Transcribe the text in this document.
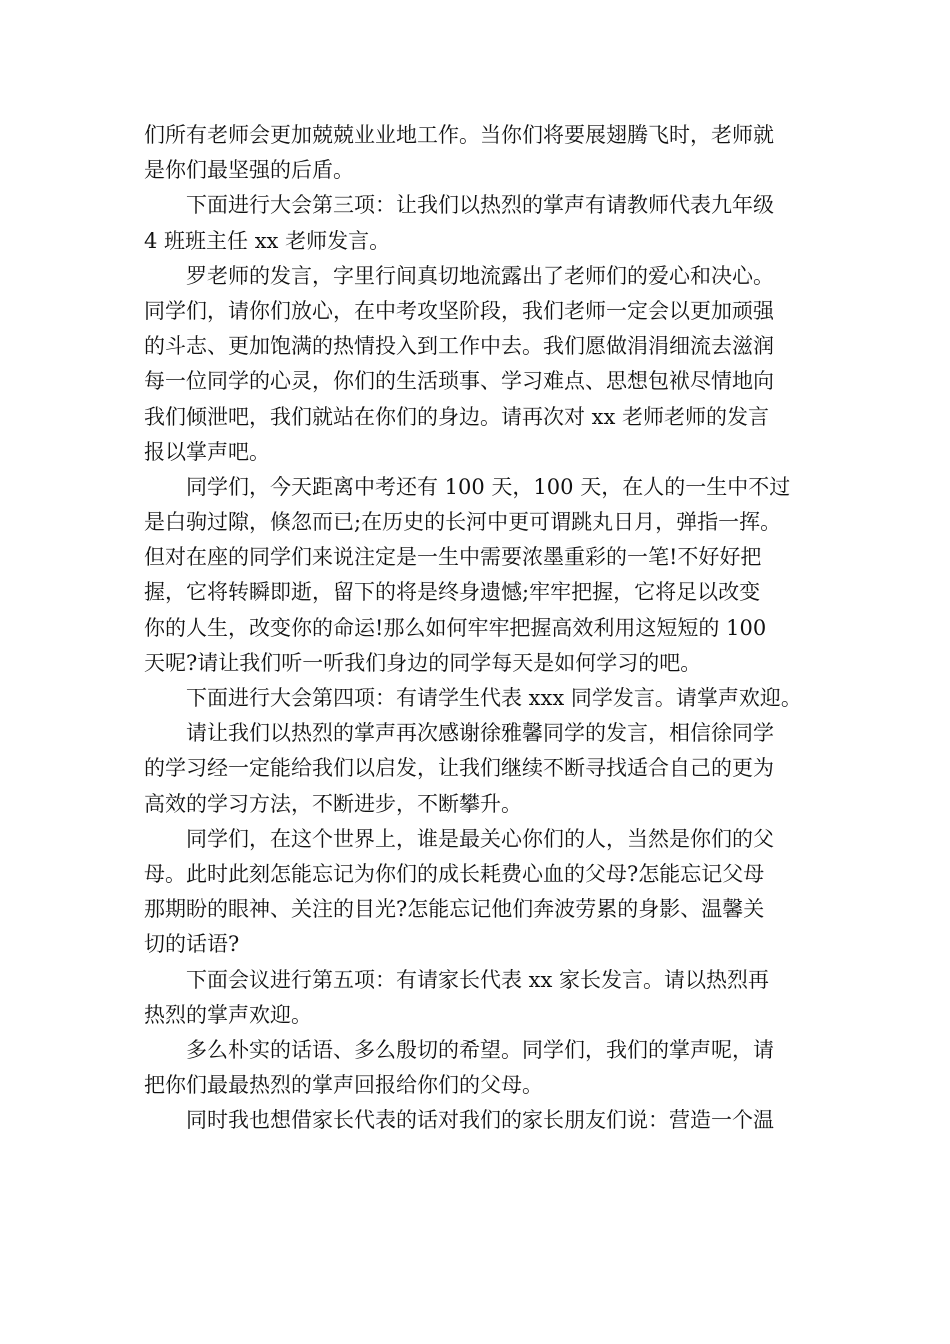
们所有老师会更加兢兢业业地工作。当你们将要展翅腾飞时，老师就
是你们最坚强的后盾。
下面进行大会第三项：让我们以热烈的掌声有请教师代表九年级
4 班班主任 xx 老师发言。
罗老师的发言，字里行间真切地流露出了老师们的爱心和决心。
同学们，请你们放心，在中考攻坚阶段，我们老师一定会以更加顽强
的斗志、更加饱满的热情投入到工作中去。我们愿做涓涓细流去滋润
每一位同学的心灵，你们的生活琐事、学习难点、思想包袱尽情地向
我们倾泄吧，我们就站在你们的身边。请再次对 xx 老师老师的发言
报以掌声吧。
同学们，今天距离中考还有 100 天，100 天，在人的一生中不过
是白驹过隙，倏忽而已;在历史的长河中更可谓跳丸日月，弹指一挥。
但对在座的同学们来说注定是一生中需要浓墨重彩的一笔!不好好把
握，它将转瞬即逝，留下的将是终身遗憾;牢牢把握，它将足以改变
你的人生，改变你的命运!那么如何牢牢把握高效利用这短短的 100
天呢?请让我们听一听我们身边的同学每天是如何学习的吧。
下面进行大会第四项：有请学生代表 xxx 同学发言。请掌声欢迎。
请让我们以热烈的掌声再次感谢徐雅馨同学的发言，相信徐同学
的学习经一定能给我们以启发，让我们继续不断寻找适合自己的更为
高效的学习方法，不断进步，不断攀升。
同学们，在这个世界上，谁是最关心你们的人，当然是你们的父
母。此时此刻怎能忘记为你们的成长耗费心血的父母?怎能忘记父母
那期盼的眼神、关注的目光?怎能忘记他们奔波劳累的身影、温馨关
切的话语?
下面会议进行第五项：有请家长代表 xx 家长发言。请以热烈再
热烈的掌声欢迎。
多么朴实的话语、多么殷切的希望。同学们，我们的掌声呢，请
把你们最最热烈的掌声回报给你们的父母。
同时我也想借家长代表的话对我们的家长朋友们说：营造一个温
